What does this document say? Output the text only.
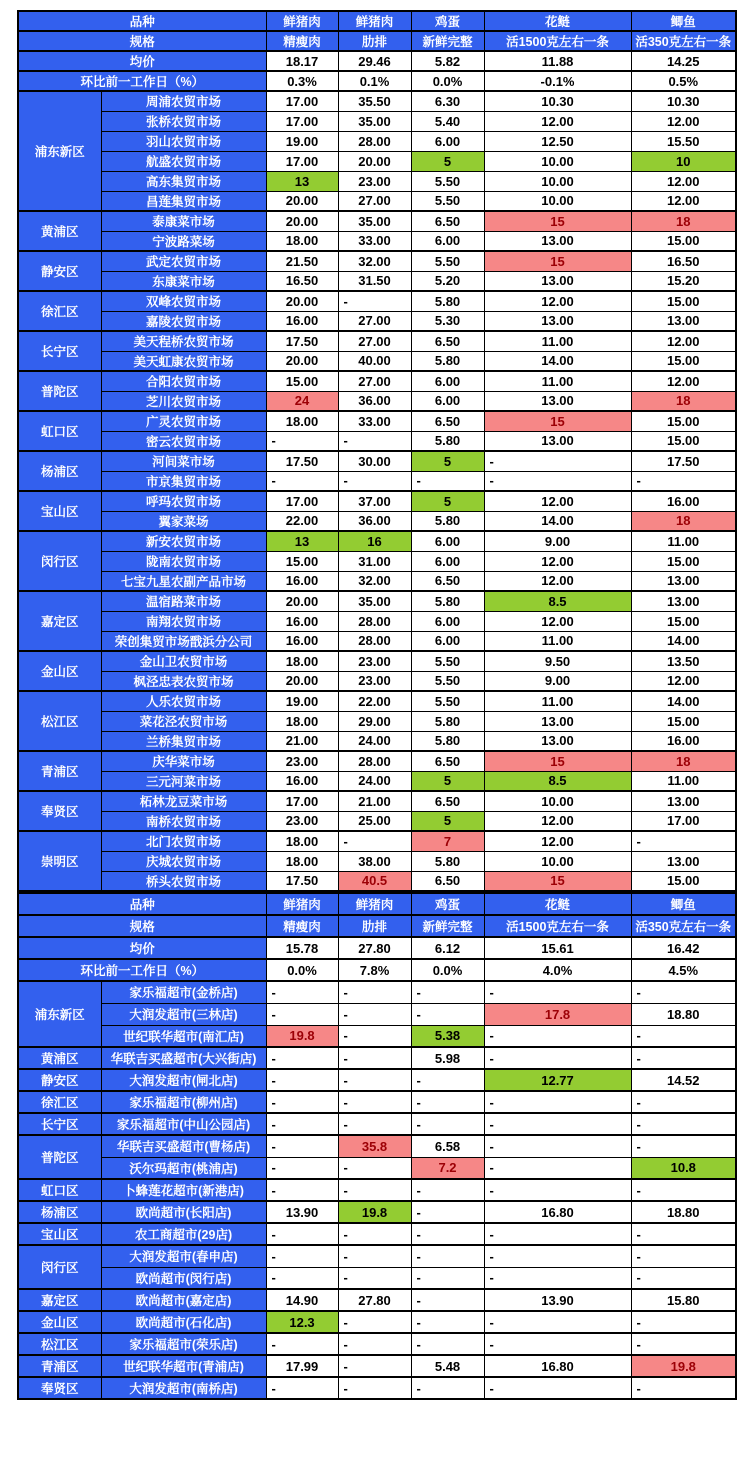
品种		鲜猪肉	鲜猪肉	鸡蛋	花鲢	鲫鱼
规格		精瘦肉	肋排	新鲜完整	活1500克左右一条	活350克左右一条
均价		18.17	29.46	5.82	11.88	14.25
环比前一工作日（%）		0.3%	0.1%	0.0%	-0.1%	0.5%
浦东新区	周浦农贸市场	17.00	35.50	6.30	10.30	10.30
	张桥农贸市场	17.00	35.00	5.40	12.00	12.00
	羽山农贸市场	19.00	28.00	6.00	12.50	15.50
	航盛农贸市场	17.00	20.00	5	10.00	10
	高东集贸市场	13	23.00	5.50	10.00	12.00
	昌莲集贸市场	20.00	27.00	5.50	10.00	12.00
黄浦区	泰康菜市场	20.00	35.00	6.50	15	18
	宁波路菜场	18.00	33.00	6.00	13.00	15.00
静安区	武定农贸市场	21.50	32.00	5.50	15	16.50
	东康菜市场	16.50	31.50	5.20	13.00	15.20
徐汇区	双峰农贸市场	20.00	-	5.80	12.00	15.00
	嘉陵农贸市场	16.00	27.00	5.30	13.00	13.00
长宁区	美天程桥农贸市场	17.50	27.00	6.50	11.00	12.00
	美天虹康农贸市场	20.00	40.00	5.80	14.00	15.00
普陀区	合阳农贸市场	15.00	27.00	6.00	11.00	12.00
	芝川农贸市场	24	36.00	6.00	13.00	18
虹口区	广灵农贸市场	18.00	33.00	6.50	15	15.00
	密云农贸市场	-	-	5.80	13.00	15.00
杨浦区	河间菜市场	17.50	30.00	5	-	17.50
	市京集贸市场	-	-	-	-	-
宝山区	呼玛农贸市场	17.00	37.00	5	12.00	16.00
	翼家菜场	22.00	36.00	5.80	14.00	18
闵行区	新安农贸市场	13	16	6.00	9.00	11.00
	陇南农贸市场	15.00	31.00	6.00	12.00	15.00
	七宝九星农副产品市场	16.00	32.00	6.50	12.00	13.00
嘉定区	温宿路菜市场	20.00	35.00	5.80	8.5	13.00
	南翔农贸市场	16.00	28.00	6.00	12.00	15.00
	荣创集贸市场戬浜分公司	16.00	28.00	6.00	11.00	14.00
金山区	金山卫农贸市场	18.00	23.00	5.50	9.50	13.50
	枫泾忠表农贸市场	20.00	23.00	5.50	9.00	12.00
松江区	人乐农贸市场	19.00	22.00	5.50	11.00	14.00
	菜花泾农贸市场	18.00	29.00	5.80	13.00	15.00
	兰桥集贸市场	21.00	24.00	5.80	13.00	16.00
青浦区	庆华菜市场	23.00	28.00	6.50	15	18
	三元河菜市场	16.00	24.00	5	8.5	11.00
奉贤区	柘林龙豆菜市场	17.00	21.00	6.50	10.00	13.00
	南桥农贸市场	23.00	25.00	5	12.00	17.00
崇明区	北门农贸市场	18.00	-	7	12.00	-
	庆城农贸市场	18.00	38.00	5.80	10.00	13.00
	桥头农贸市场	17.50	40.5	6.50	15	15.00
品种		鲜猪肉	鲜猪肉	鸡蛋	花鲢	鲫鱼
规格		精瘦肉	肋排	新鲜完整	活1500克左右一条	活350克左右一条
均价		15.78	27.80	6.12	15.61	16.42
环比前一工作日（%）		0.0%	7.8%	0.0%	4.0%	4.5%
浦东新区	家乐福超市(金桥店)	-	-	-	-	-
	大润发超市(三林店)	-	-	-	17.8	18.80
	世纪联华超市(南汇店)	19.8	-	5.38	-	-
黄浦区	华联吉买盛超市(大兴街店)	-	-	5.98	-	-
静安区	大润发超市(闸北店)	-	-	-	12.77	14.52
徐汇区	家乐福超市(柳州店)	-	-	-	-	-
长宁区	家乐福超市(中山公园店)	-	-	-	-	-
普陀区	华联吉买盛超市(曹杨店)	-	35.8	6.58	-	-
	沃尔玛超市(桃浦店)	-	-	7.2	-	10.8
虹口区	卜蜂莲花超市(新港店)	-	-	-	-	-
杨浦区	欧尚超市(长阳店)	13.90	19.8	-	16.80	18.80
宝山区	农工商超市(29店)	-	-	-	-	-
闵行区	大润发超市(春申店)	-	-	-	-	-
	欧尚超市(闵行店)	-	-	-	-	-
嘉定区	欧尚超市(嘉定店)	14.90	27.80	-	13.90	15.80
金山区	欧尚超市(石化店)	12.3	-	-	-	-
松江区	家乐福超市(荣乐店)	-	-	-	-	-
青浦区	世纪联华超市(青浦店)	17.99	-	5.48	16.80	19.8
奉贤区	大润发超市(南桥店)	-	-	-	-	-
